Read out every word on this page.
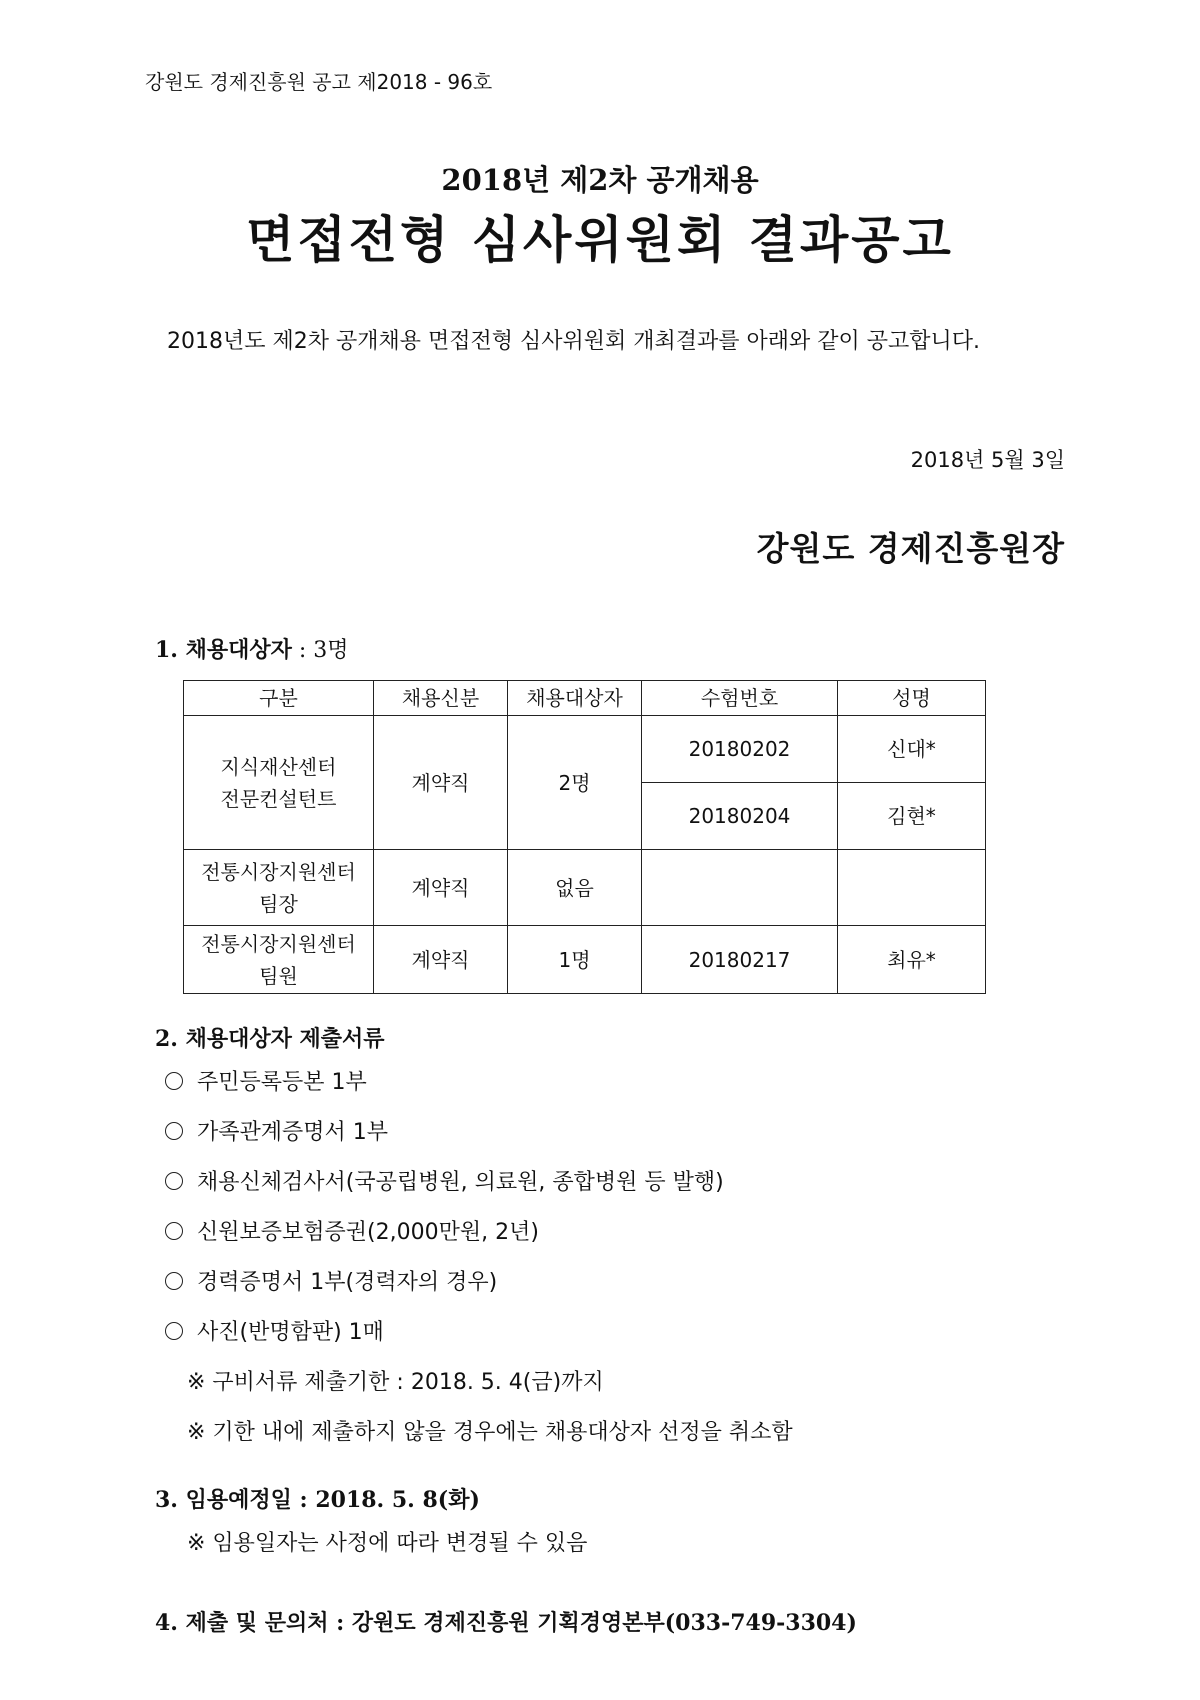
강원도 경제진흥원 공고 제2018 - 96호
2018년 제2차 공개채용
면접전형 심사위원회 결과공고
2018년도 제2차 공개채용 면접전형 심사위원회 개최결과를 아래와 같이 공고합니다.
2018년 5월 3일
강원도 경제진흥원장
1. 채용대상자 : 3명
구분	채용신분	채용대상자	수험번호	성명
지식재산센터
전문컨설턴트	계약직	2명	20180202	신대*
			20180204	김현*
전통시장지원센터
팀장	계약직	없음		
전통시장지원센터
팀원	계약직	1명	20180217	최유*
2. 채용대상자 제출서류
주민등록등본 1부
가족관계증명서 1부
채용신체검사서(국공립병원, 의료원, 종합병원 등 발행)
신원보증보험증권(2,000만원, 2년)
경력증명서 1부(경력자의 경우)
사진(반명함판) 1매
※ 구비서류 제출기한 : 2018. 5. 4(금)까지
※ 기한 내에 제출하지 않을 경우에는 채용대상자 선정을 취소함
3. 임용예정일 : 2018. 5. 8(화)
※ 임용일자는 사정에 따라 변경될 수 있음
4. 제출 및 문의처 : 강원도 경제진흥원 기획경영본부(033-749-3304)
